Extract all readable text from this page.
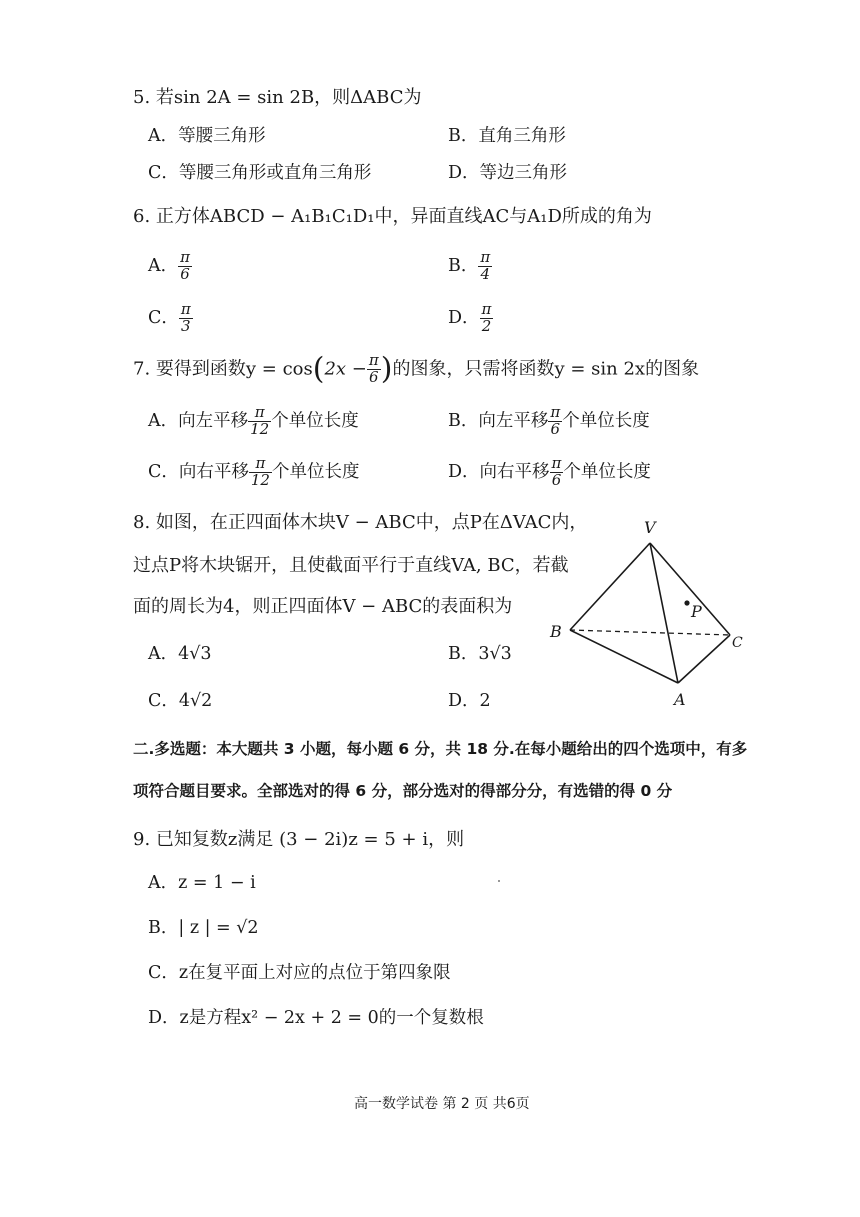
5. 若sin 2A = sin 2B，则ΔABC为
A．等腰三角形	B．直角三角形
C．等腰三角形或直角三角形	D．等边三角形
6. 正方体ABCD − A₁B₁C₁D₁中，异面直线AC与A₁D所成的角为
A． $\frac{\pi}{6}$	B． $\frac{\pi}{4}$
C． $\frac{\pi}{3}$	D． $\frac{\pi}{2}$
7. 要得到函数$y = \cos(2x - \frac{\pi}{6}$ )的图象，只需将函数y = sin 2x的图象
A．向左平移 $\frac{\pi}{12}$ 个单位长度	B．向左平移 $\frac{\pi}{6}$ 个单位长度
C．向右平移 $\frac{\pi}{12}$ 个单位长度	D．向右平移 $\frac{\pi}{6}$ 个单位长度
8. 如图，在正四面体木块V − ABC中，点P在ΔVAC内，
过点P将木块锯开，且使截面平行于直线VA, BC，若截
面的周长为4，则正四面体V − ABC的表面积为
A．4√3	B．3√3
C．4√2	D．2
V
B
C
A
P
二.多选题：本大题共 3 小题，每小题 6 分，共 18 分.在每小题给出的四个选项中，有多
项符合题目要求。全部选对的得 6 分，部分选对的得部分分，有选错的得 0 分
9. 已知复数z满足 (3 − 2i)z = 5 + i，则
A．z = 1 − i
B．| z | = √2
C．z在复平面上对应的点位于第四象限
D．z是方程x² − 2x + 2 = 0的一个复数根
高一数学试卷 第 2 页 共6页
